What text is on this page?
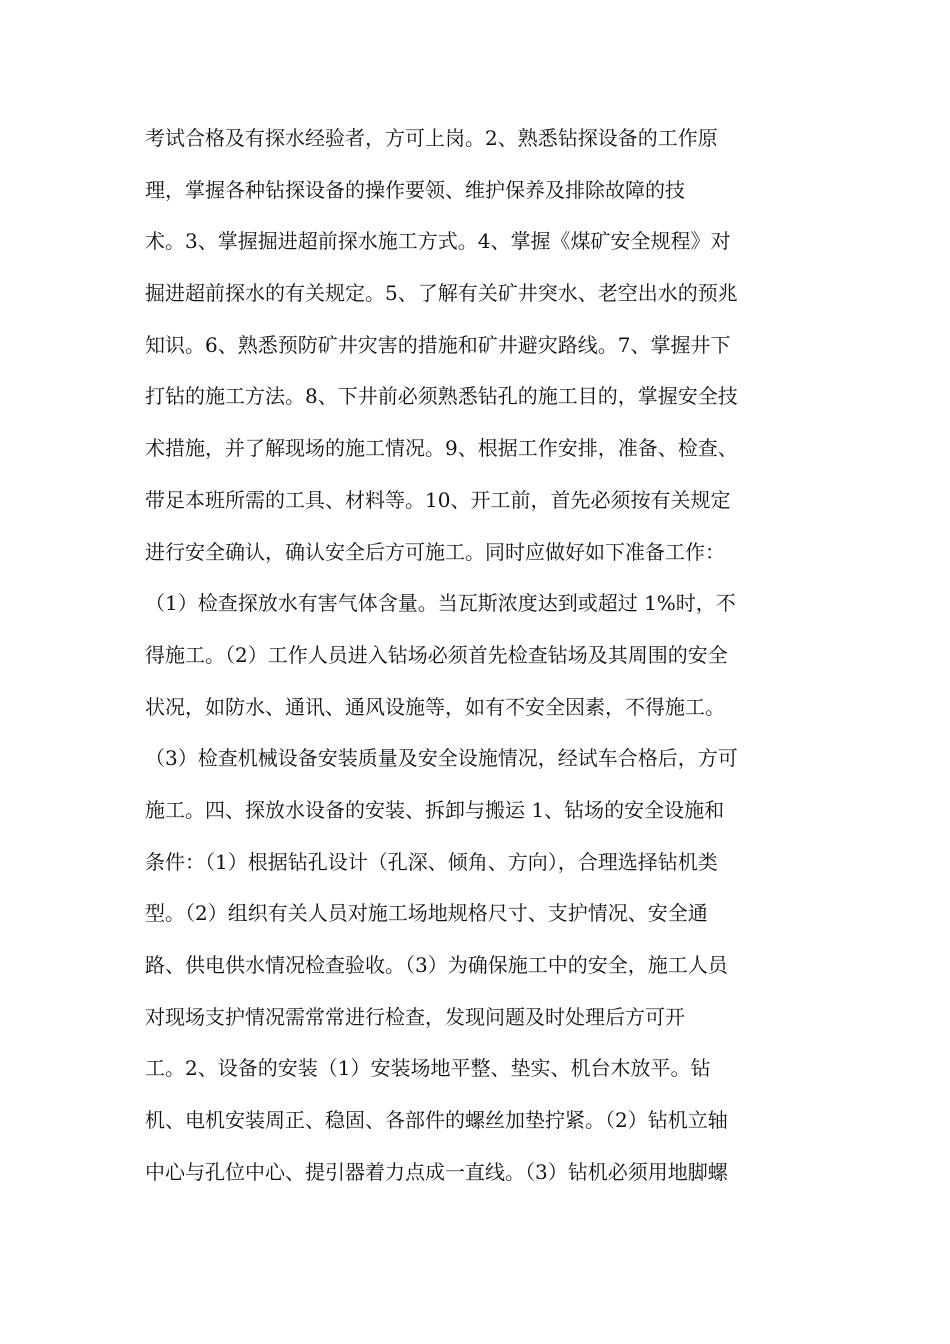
考试合格及有探水经验者，方可上岗。2、熟悉钻探设备的工作原
理，掌握各种钻探设备的操作要领、维护保养及排除故障的技
术。3、掌握掘进超前探水施工方式。4、掌握《煤矿安全规程》对
掘进超前探水的有关规定。5、了解有关矿井突水、老空出水的预兆
知识。6、熟悉预防矿井灾害的措施和矿井避灾路线。7、掌握井下
打钻的施工方法。8、下井前必须熟悉钻孔的施工目的，掌握安全技
术措施，并了解现场的施工情况。9、根据工作安排，准备、检查、
带足本班所需的工具、材料等。10、开工前，首先必须按有关规定
进行安全确认，确认安全后方可施工。同时应做好如下准备工作：
（1）检查探放水有害气体含量。当瓦斯浓度达到或超过 1%时，不
得施工。（2）工作人员进入钻场必须首先检查钻场及其周围的安全
状况，如防水、通讯、通风设施等，如有不安全因素，不得施工。
（3）检查机械设备安装质量及安全设施情况，经试车合格后，方可
施工。四、探放水设备的安装、拆卸与搬运 1、钻场的安全设施和
条件：（1）根据钻孔设计（孔深、倾角、方向），合理选择钻机类
型。（2）组织有关人员对施工场地规格尺寸、支护情况、安全通
路、供电供水情况检查验收。（3）为确保施工中的安全，施工人员
对现场支护情况需常常进行检查，发现问题及时处理后方可开
工。2、设备的安装（1）安装场地平整、垫实、机台木放平。钻
机、电机安装周正、稳固、各部件的螺丝加垫拧紧。（2）钻机立轴
中心与孔位中心、提引器着力点成一直线。（3）钻机必须用地脚螺
